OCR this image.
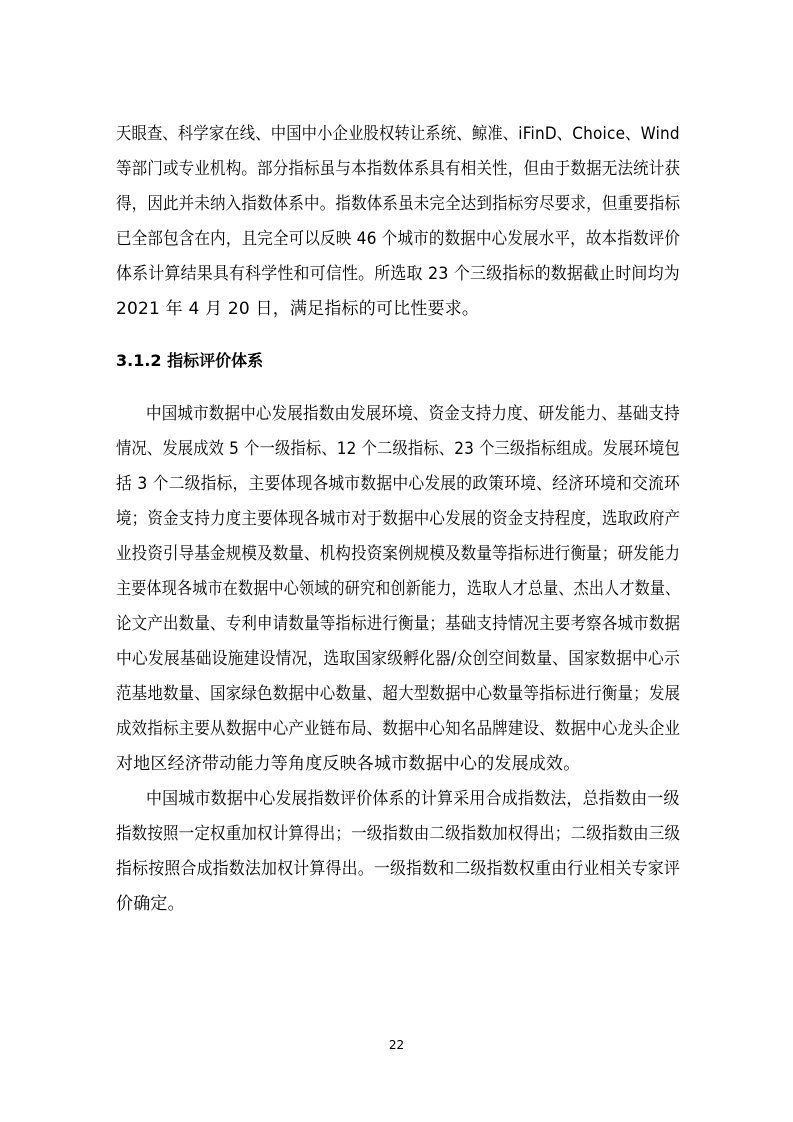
天眼查、科学家在线、中国中小企业股权转让系统、鲸准、iFinD、Choice、Wind
等部门或专业机构。部分指标虽与本指数体系具有相关性，但由于数据无法统计获
得，因此并未纳入指数体系中。指数体系虽未完全达到指标穷尽要求，但重要指标
已全部包含在内，且完全可以反映 46 个城市的数据中心发展水平，故本指数评价
体系计算结果具有科学性和可信性。所选取 23 个三级指标的数据截止时间均为
2021 年 4 月 20 日，满足指标的可比性要求。
3.1.2 指标评价体系
中国城市数据中心发展指数由发展环境、资金支持力度、研发能力、基础支持
情况、发展成效 5 个一级指标、12 个二级指标、23 个三级指标组成。发展环境包
括 3 个二级指标，主要体现各城市数据中心发展的政策环境、经济环境和交流环
境；资金支持力度主要体现各城市对于数据中心发展的资金支持程度，选取政府产
业投资引导基金规模及数量、机构投资案例规模及数量等指标进行衡量；研发能力
主要体现各城市在数据中心领域的研究和创新能力，选取人才总量、杰出人才数量、
论文产出数量、专利申请数量等指标进行衡量；基础支持情况主要考察各城市数据
中心发展基础设施建设情况，选取国家级孵化器/众创空间数量、国家数据中心示
范基地数量、国家绿色数据中心数量、超大型数据中心数量等指标进行衡量；发展
成效指标主要从数据中心产业链布局、数据中心知名品牌建设、数据中心龙头企业
对地区经济带动能力等角度反映各城市数据中心的发展成效。
中国城市数据中心发展指数评价体系的计算采用合成指数法，总指数由一级
指数按照一定权重加权计算得出；一级指数由二级指数加权得出；二级指数由三级
指标按照合成指数法加权计算得出。一级指数和二级指数权重由行业相关专家评
价确定。
22
